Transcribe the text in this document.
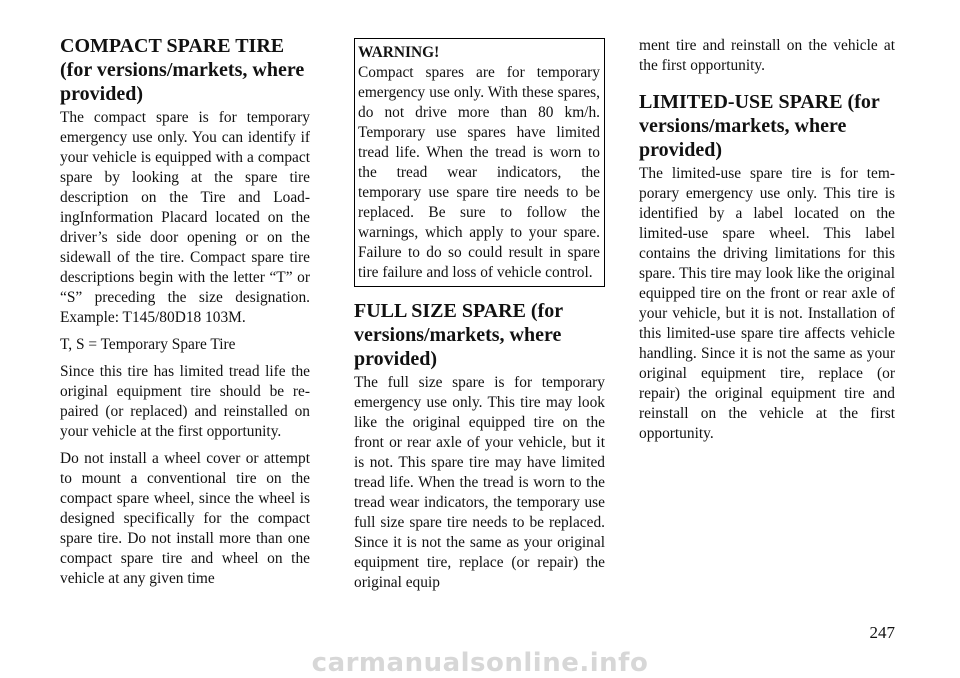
COMPACT SPARE TIRE (for versions/markets, where provided)

The compact spare is for temporary emergency use only. You can identify if your vehicle is equipped with a compact spare by looking at the spare tire description on the Tire and LoadingInformation Placard located on the driver’s side door opening or on the sidewall of the tire. Compact spare tire descriptions begin with the letter “T” or “S” preceding the size designation. Example: T145/80D18 103M.

T, S = Temporary Spare Tire

Since this tire has limited tread life the original equipment tire should be repaired (or replaced) and reinstalled on your vehicle at the first opportunity.

Do not install a wheel cover or attempt to mount a conventional tire on the compact spare wheel, since the wheel is designed specifically for the compact spare tire. Do not install more than one compact spare tire and wheel on the vehicle at any given time

WARNING!

Compact spares are for temporary emergency use only. With these spares, do not drive more than 80 km/h. Temporary use spares have limited tread life. When the tread is worn to the tread wear indicators, the temporary use spare tire needs to be replaced. Be sure to follow the warnings, which apply to your spare. Failure to do so could result in spare tire failure and loss of vehicle control.

FULL SIZE SPARE (for versions/markets, where provided)

The full size spare is for temporary emergency use only. This tire may look like the original equipped tire on the front or rear axle of your vehicle, but it is not. This spare tire may have limited tread life. When the tread is worn to the tread wear indicators, the temporary use full size spare tire needs to be replaced. Since it is not the same as your original equipment tire, replace (or repair) the original equip

ment tire and reinstall on the vehicle at the first opportunity.

LIMITED-USE SPARE (for versions/markets, where provided)

The limited-use spare tire is for temporary emergency use only. This tire is identified by a label located on the limited-use spare wheel. This label contains the driving limitations for this spare. This tire may look like the original equipped tire on the front or rear axle of your vehicle, but it is not. Installation of this limited-use spare tire affects vehicle handling. Since it is not the same as your original equipment tire, replace (or repair) the original equipment tire and reinstall on the vehicle at the first opportunity.

247
carmanualsonline.info
